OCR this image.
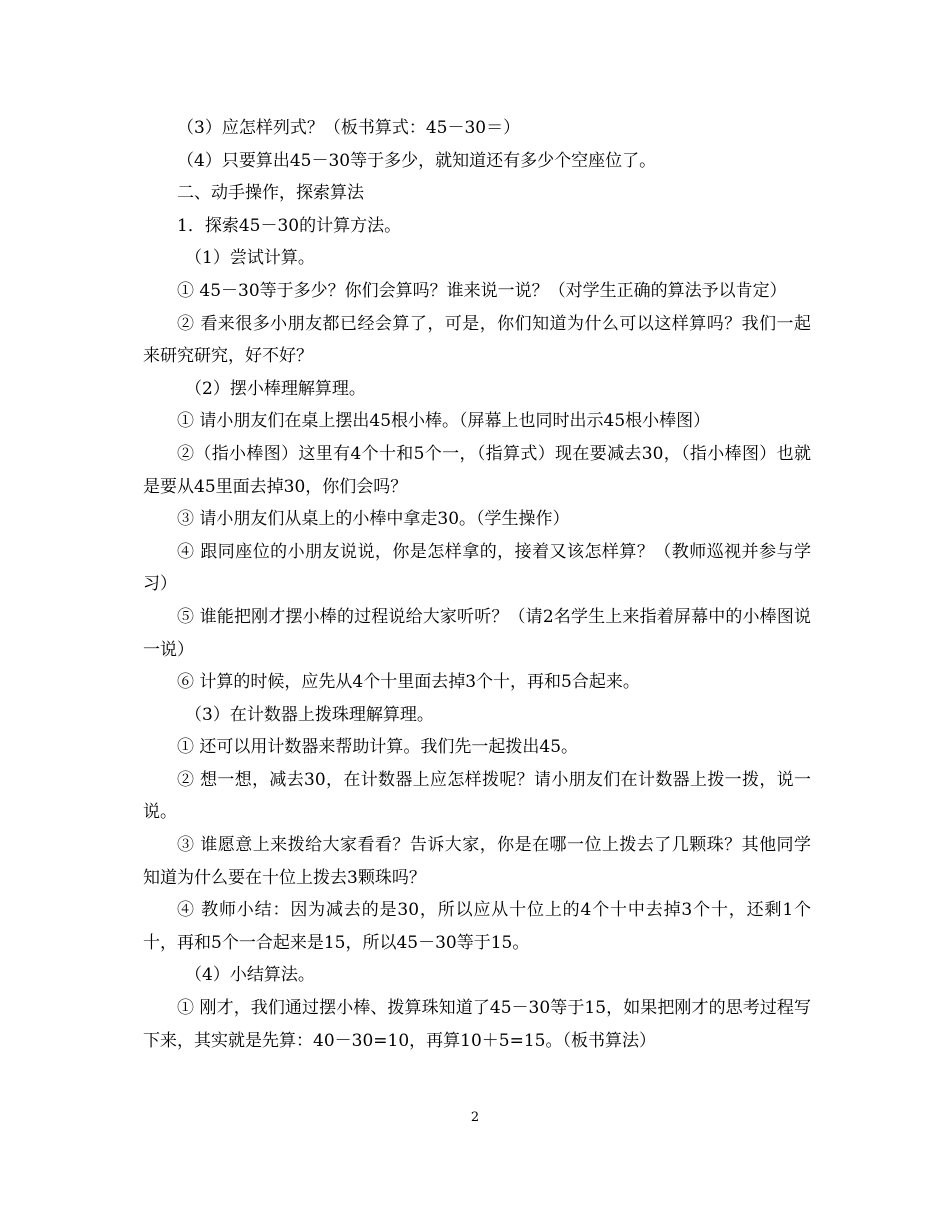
（3）应怎样列式？（板书算式：45－30＝）

（4）只要算出45－30等于多少，就知道还有多少个空座位了。

二、动手操作，探索算法

1．探索45－30的计算方法。

（1）尝试计算。

① 45－30等于多少？你们会算吗？谁来说一说？（对学生正确的算法予以肯定）

② 看来很多小朋友都已经会算了，可是，你们知道为什么可以这样算吗？我们一起来研究研究，好不好？

（2）摆小棒理解算理。

① 请小朋友们在桌上摆出45根小棒。（屏幕上也同时出示45根小棒图）

②（指小棒图）这里有4个十和5个一，（指算式）现在要减去30，（指小棒图）也就是要从45里面去掉30，你们会吗？

③ 请小朋友们从桌上的小棒中拿走30。（学生操作）

④ 跟同座位的小朋友说说，你是怎样拿的，接着又该怎样算？（教师巡视并参与学习）

⑤ 谁能把刚才摆小棒的过程说给大家听听？（请2名学生上来指着屏幕中的小棒图说一说）

⑥ 计算的时候，应先从4个十里面去掉3个十，再和5合起来。

（3）在计数器上拨珠理解算理。

① 还可以用计数器来帮助计算。我们先一起拨出45。

② 想一想，减去30，在计数器上应怎样拨呢？请小朋友们在计数器上拨一拨，说一说。

③ 谁愿意上来拨给大家看看？告诉大家，你是在哪一位上拨去了几颗珠？其他同学知道为什么要在十位上拨去3颗珠吗？

④ 教师小结：因为减去的是30，所以应从十位上的4个十中去掉3个十，还剩1个十，再和5个一合起来是15，所以45－30等于15。

（4）小结算法。

① 刚才，我们通过摆小棒、拨算珠知道了45－30等于15，如果把刚才的思考过程写下来，其实就是先算：40－30=10，再算10＋5=15。（板书算法）

2
